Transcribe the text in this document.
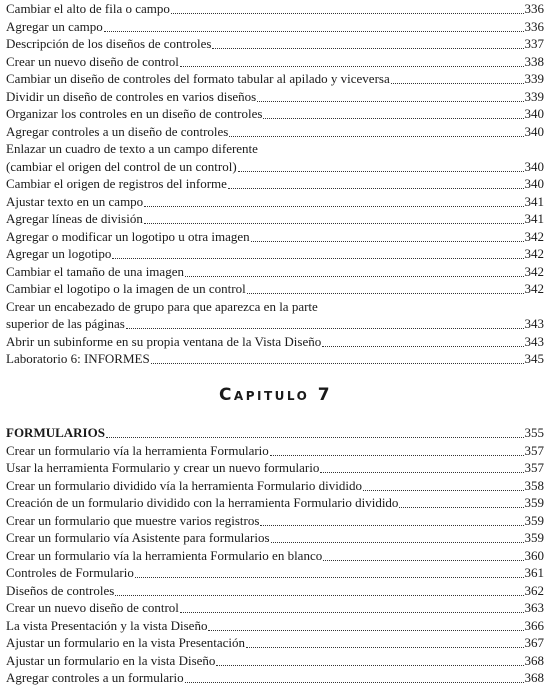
Cambiar el alto de fila o campo	336
Agregar un campo	336
Descripción de los diseños de controles	337
Crear un nuevo diseño de control	338
Cambiar un diseño de controles del formato tabular al apilado y viceversa	339
Dividir un diseño de controles en varios diseños	339
Organizar los controles en un diseño de controles	340
Agregar controles a un diseño de controles	340
Enlazar un cuadro de texto a un campo diferente
(cambiar el origen del control de un control)	340
Cambiar el origen de registros del informe	340
Ajustar texto en un campo	341
Agregar líneas de división	341
Agregar o modificar un logotipo u otra imagen	342
Agregar un logotipo	342
Cambiar el tamaño de una imagen	342
Cambiar el logotipo o la imagen de un control	342
Crear un encabezado de grupo para que aparezca en la parte
superior de las páginas	343
Abrir un subinforme en su propia ventana de la Vista Diseño	343
Laboratorio 6: INFORMES	345
Capitulo 7
FORMULARIOS	355
Crear un formulario vía la herramienta Formulario	357
Usar la herramienta Formulario y crear un nuevo formulario	357
Crear un formulario dividido vía la herramienta Formulario dividido	358
Creación de un formulario dividido con la herramienta Formulario dividido	359
Crear un formulario que muestre varios registros	359
Crear un formulario vía Asistente para formularios	359
Crear un formulario vía la herramienta Formulario en blanco	360
Controles de Formulario	361
Diseños de controles	362
Crear un nuevo diseño de control	363
La vista Presentación y la vista Diseño	366
Ajustar un formulario en la vista Presentación	367
Ajustar un formulario en la vista Diseño	368
Agregar controles a un formulario	368
